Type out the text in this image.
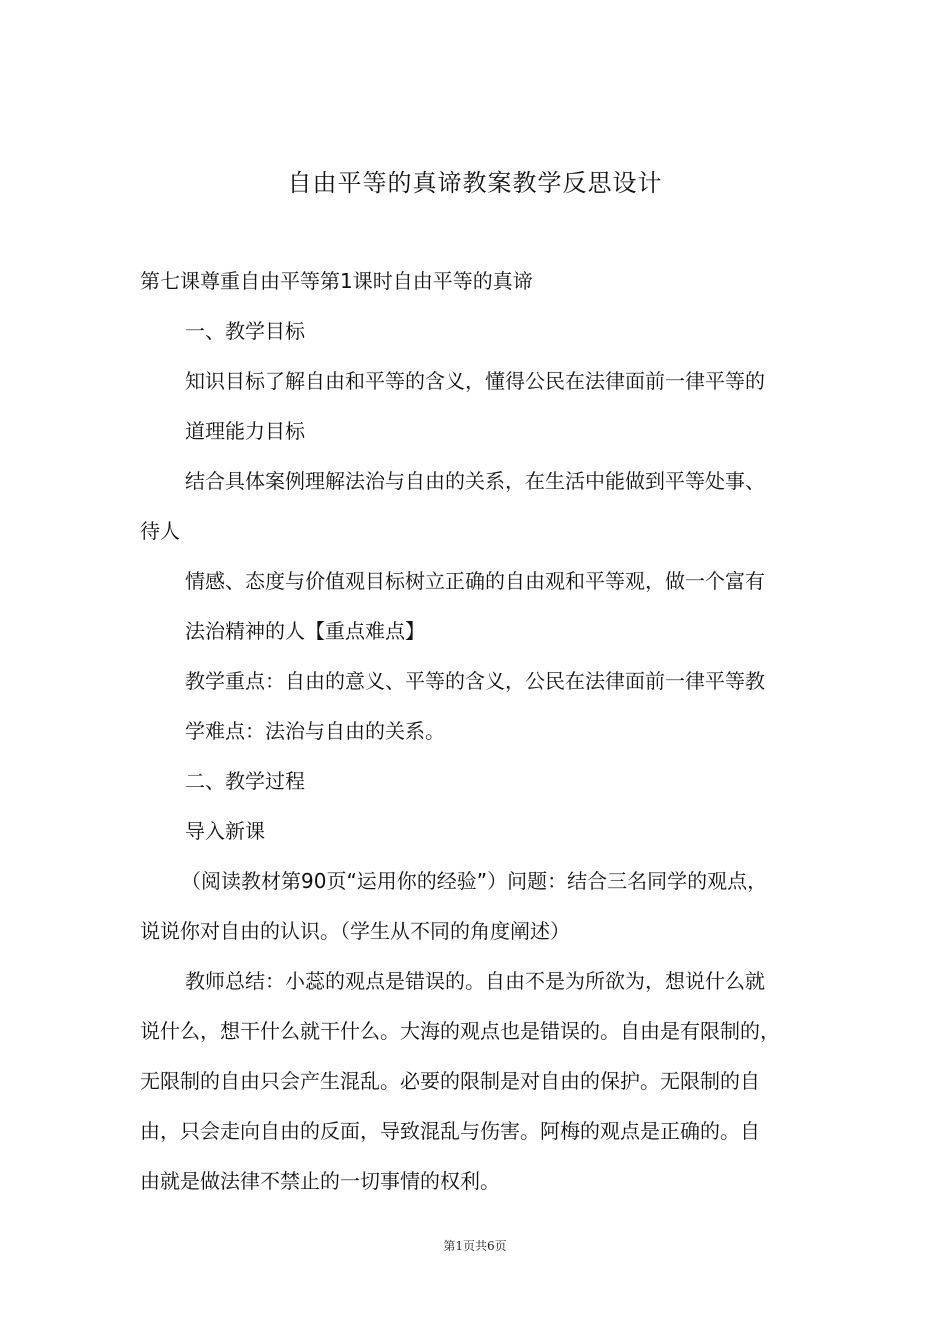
自由平等的真谛教案教学反思设计
第七课尊重自由平等第1课时自由平等的真谛
一、教学目标
知识目标了解自由和平等的含义，懂得公民在法律面前一律平等的
道理能力目标
结合具体案例理解法治与自由的关系，在生活中能做到平等处事、
待人
情感、态度与价值观目标树立正确的自由观和平等观，做一个富有
法治精神的人【重点难点】
教学重点：自由的意义、平等的含义，公民在法律面前一律平等教
学难点：法治与自由的关系。
二、教学过程
导入新课
（阅读教材第90页“运用你的经验”）问题：结合三名同学的观点，
说说你对自由的认识。（学生从不同的角度阐述）
教师总结：小蕊的观点是错误的。自由不是为所欲为，想说什么就
说什么，想干什么就干什么。大海的观点也是错误的。自由是有限制的，
无限制的自由只会产生混乱。必要的限制是对自由的保护。无限制的自
由，只会走向自由的反面，导致混乱与伤害。阿梅的观点是正确的。自
由就是做法律不禁止的一切事情的权利。
第1页共6页
